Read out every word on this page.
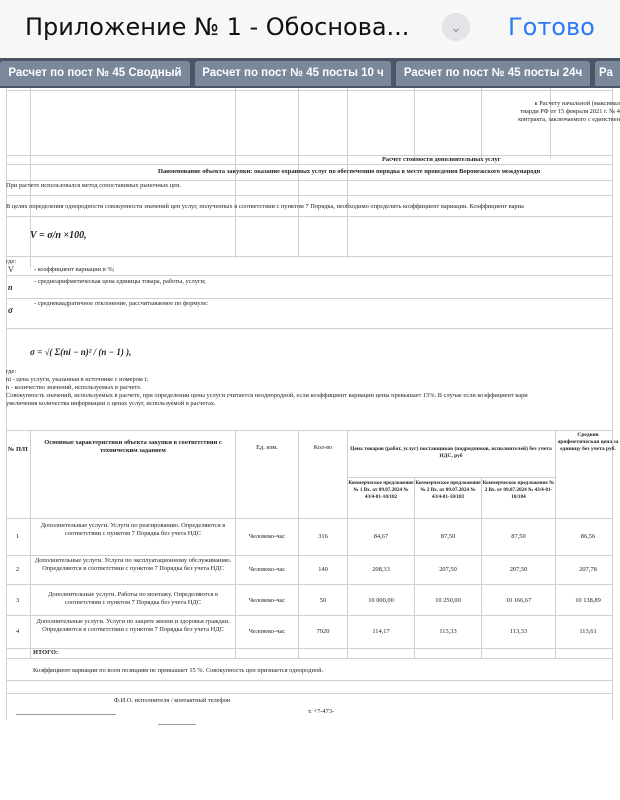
Приложение № 1 - Обоснова...	⌄	Готово
Расчет по пост № 45 Сводный	Расчет по пост № 45 посты 10 ч	Расчет по пост № 45 посты 24ч	Ра
к Расчету начальной (максимал
тварди РФ от 15 февраля 2021 г. № 4
контракта, заключаемого с единствен
Расчет стоимости дополнительных услуг
Наименование объекта закупки: оказание охранных услуг по обеспечению порядка в месте проведения Воронежского международн
При расчете использовался метод сопоставимых рыночных цен.
В целях определения однородности совокупности значений цен услуг, полученных в соответствии с пунктом 7 Порядка, необходимо определить коэффициент вариации. Коэффициент вариа
V = σ/n ×100,
где:
V	- коэффициент вариации в %;
n
- среднеарифметическая цена единицы товара, работы, услуги;
σ
- среднеквадратичное отклонение, рассчитываемое по формуле:
σ = √( Σ(ni − n)² / (n − 1) ),
где:
ni - цена услуги, указанная в источнике с номером i;
n - количество значений, используемых в расчете.
Совокупность значений, используемых в расчете, при определении цены услуги считается неоднородной, если коэффициент вариации цены превышает 15%. В случае если коэффициент вари
увеличения количества информации о ценах услуг, используемой в расчетах.
№ П/П
Основные характеристики объекта закупки в соответствии с техническим заданием	Ед. изм.	Кол-во	Цена товаров (работ, услуг) поставщиков (подрядчиков, исполнителей) без учета НДС, руб
Коммерческое предложение № 1 Вх. от 09.07.2024 № 43/4-01-10/182
Коммерческое предложение № 2 Вх. от 09.07.2024 № 43/4-01-10/183
Коммерческое предложение № 2 Вх. от 09.07.2024 № 43/4-01-10/184
Средняя арифметическая цена за единицу без учета руб.
1
Дополнительные услуги. Услуги по реагированию. Определяются в соответствии с пунктом 7 Порядка без учета НДС	Человеко-час	316	84,67	87,50	87,50	86,56
2
Дополнительные услуги. Услуги по эксплуатационному обслуживанию. Определяются в соответствии с пунктом 7 Порядка без учета НДС	Человеко-час	140	208,33	207,50	207,50	207,78
3
Дополнительные услуги. Работы по монтажу. Определяются в соответствии с пунктом 7 Порядка без учета НДС	Человеко-час	50	10 000,00	10 250,00	10 166,67	10 138,89
4
Дополнительные услуги. Услуги по защите жизни и здоровья граждан. Определяются в соответствии с пунктом 7 Порядка без учета НДС	Человеко-час	7920	114,17	113,33	113,33	113,61
ИТОГО:
Коэффициент вариации по всем позициям не превышает 15 %. Совокупность цен признается однородной.
Ф.И.О. исполнителя / контактный телефон
т. +7-473-
